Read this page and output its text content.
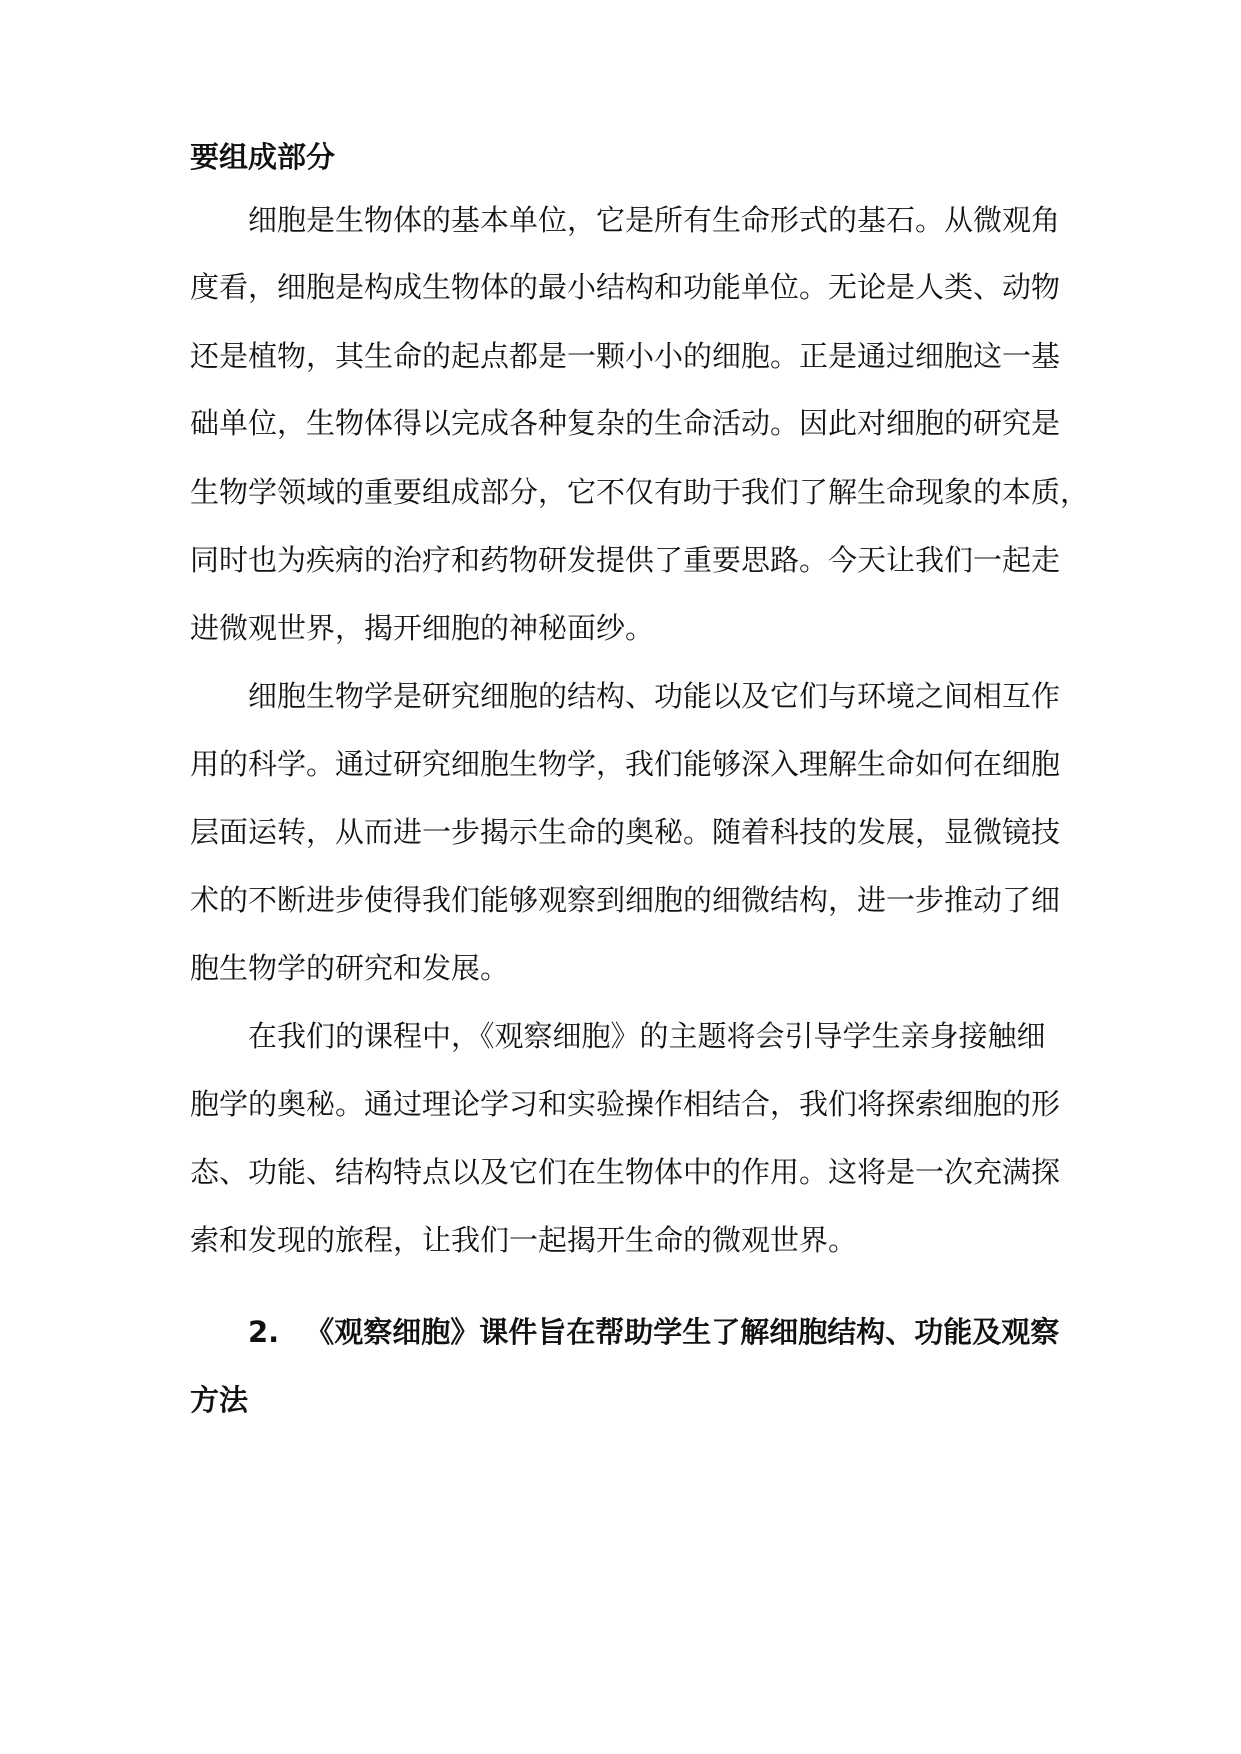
要组成部分
细胞是生物体的基本单位，它是所有生命形式的基石。从微观角
度看，细胞是构成生物体的最小结构和功能单位。无论是人类、动物
还是植物，其生命的起点都是一颗小小的细胞。正是通过细胞这一基
础单位，生物体得以完成各种复杂的生命活动。因此对细胞的研究是
生物学领域的重要组成部分，它不仅有助于我们了解生命现象的本质，
同时也为疾病的治疗和药物研发提供了重要思路。今天让我们一起走
进微观世界，揭开细胞的神秘面纱。
细胞生物学是研究细胞的结构、功能以及它们与环境之间相互作
用的科学。通过研究细胞生物学，我们能够深入理解生命如何在细胞
层面运转，从而进一步揭示生命的奥秘。随着科技的发展，显微镜技
术的不断进步使得我们能够观察到细胞的细微结构，进一步推动了细
胞生物学的研究和发展。
在我们的课程中，《观察细胞》的主题将会引导学生亲身接触细
胞学的奥秘。通过理论学习和实验操作相结合，我们将探索细胞的形
态、功能、结构特点以及它们在生物体中的作用。这将是一次充满探
索和发现的旅程，让我们一起揭开生命的微观世界。
2. 《观察细胞》课件旨在帮助学生了解细胞结构、功能及观察
方法
